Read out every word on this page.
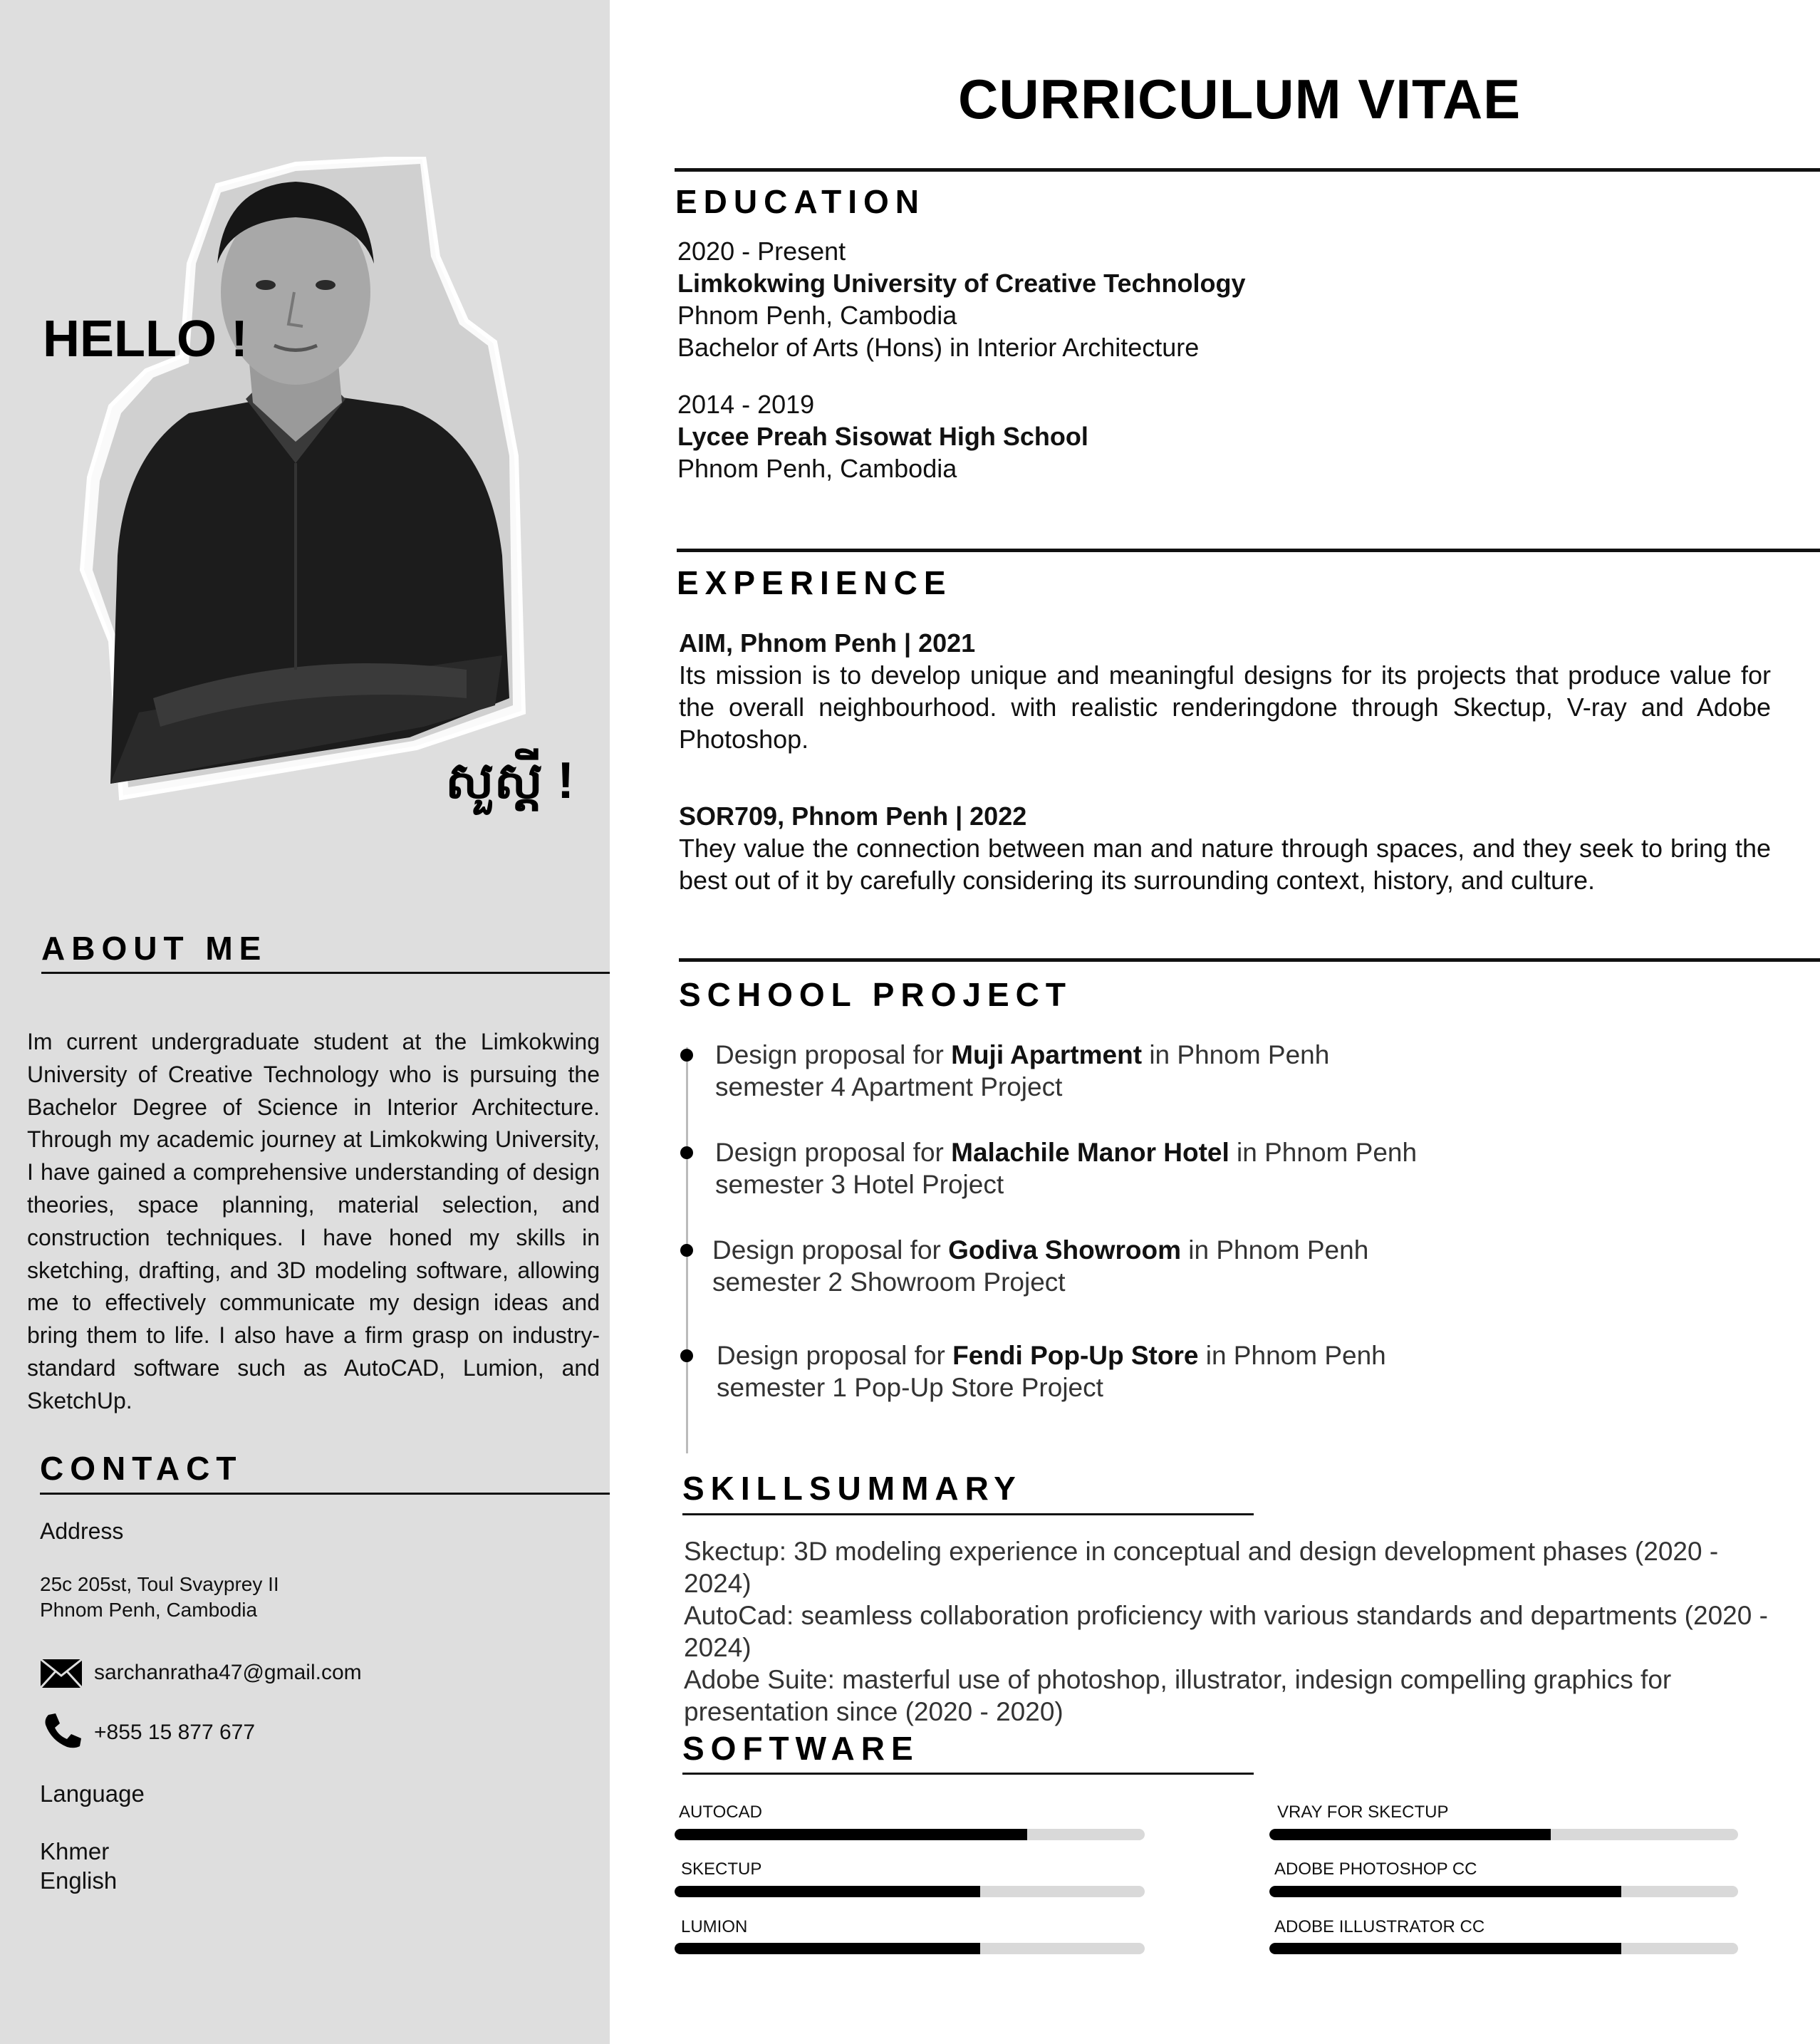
HELLO !
សួស្តី !
ABOUT ME
Im current undergraduate student at the Limkokwing University of Creative Technology who is pursuing the Bachelor Degree of Science in Interior Architecture. Through my academic journey at Limkokwing University, I have gained a comprehensive understanding of design theories, space planning, material selection, and construction techniques. I have honed my skills in sketching, drafting, and 3D modeling software, allowing me to effectively communicate my design ideas and bring them to life. I also have a firm grasp on industry-standard software such as AutoCAD, Lumion, and SketchUp.
CONTACT
Address
25c 205st, Toul Svayprey II
Phnom Penh, Cambodia
sarchanratha47@gmail.com
+855 15 877 677
Language
Khmer
English
CURRICULUM VITAE
EDUCATION
2020 - Present
Limkokwing University of Creative Technology
Phnom Penh, Cambodia
Bachelor of Arts (Hons) in Interior Architecture
2014 - 2019
Lycee Preah Sisowat High School
Phnom Penh, Cambodia
EXPERIENCE
AIM, Phnom Penh | 2021
Its mission is to develop unique and meaningful designs for its projects that produce value for the overall neighbourhood. with realistic renderingdone through Skectup, V-ray and Adobe Photoshop.
SOR709, Phnom Penh | 2022
They value the connection between man and nature through spaces, and they seek to bring the best out of it by carefully considering its surrounding context, history, and culture.
SCHOOL PROJECT
Design proposal for Muji Apartment in Phnom Penh
semester 4 Apartment Project
Design proposal for Malachile Manor Hotel in Phnom Penh
semester 3 Hotel Project
Design proposal for Godiva Showroom in Phnom Penh
semester 2 Showroom Project
Design proposal for Fendi Pop-Up Store in Phnom Penh
semester 1 Pop-Up Store Project
SKILLSUMMARY
Skectup: 3D modeling experience in conceptual and design development phases (2020 - 2024)
AutoCad: seamless collaboration proficiency with various standards and departments (2020 - 2024)
Adobe Suite: masterful use of photoshop, illustrator, indesign compelling graphics for presentation since (2020 - 2020)
SOFTWARE
AUTOCAD
SKECTUP
LUMION
VRAY FOR SKECTUP
ADOBE PHOTOSHOP CC
ADOBE ILLUSTRATOR CC
